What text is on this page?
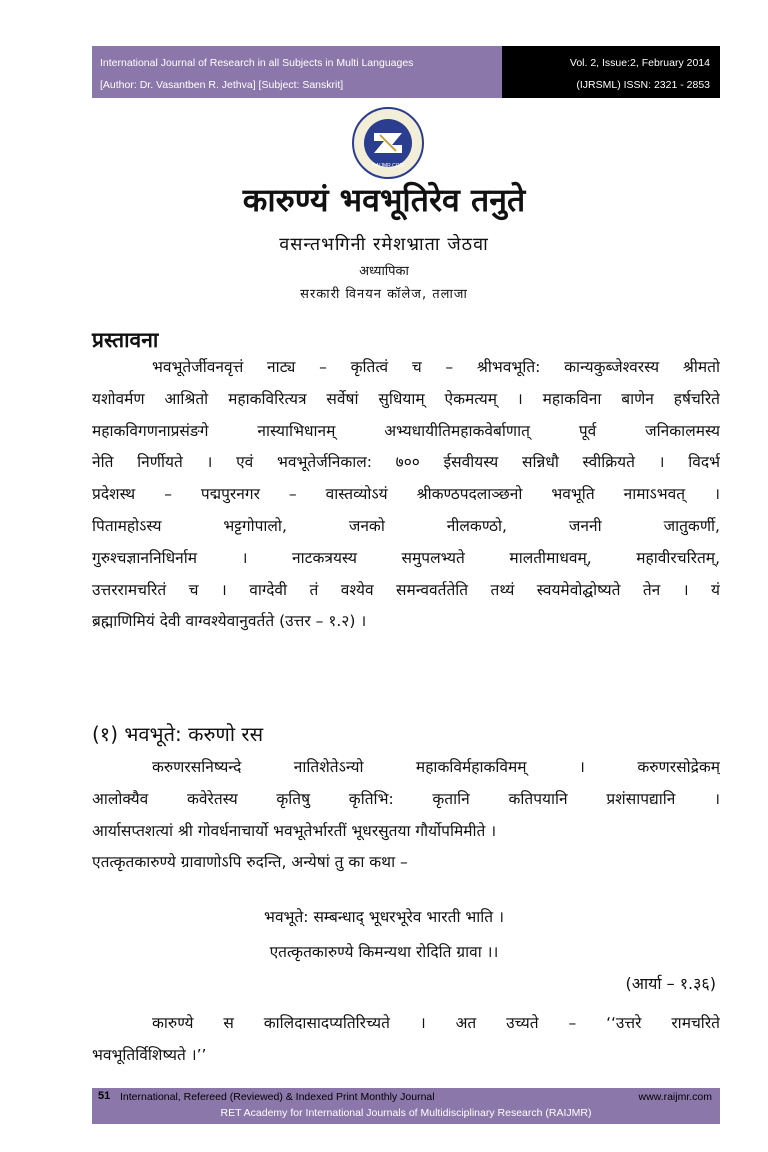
International Journal of Research in all Subjects in Multi Languages
[Author: Dr. Vasantben R. Jethva] [Subject: Sanskrit]
Vol. 2, Issue:2, February 2014
(IJRSML) ISSN: 2321 - 2853
RAIJMR.COM
कारुण्यं भवभूतिरेव तनुते
वसन्तभगिनी रमेशभ्राता जेठवा
अध्यापिका
सरकारी विनयन कॉलेज, तलाजा
प्रस्तावना
भवभूतेर्जीवनवृत्तं नाट्य – कृतित्वं च – श्रीभवभूति: कान्यकुब्जेश्वरस्य श्रीमतो
यशोवर्मण आश्रितो महाकविरित्यत्र सर्वेषां सुधियाम् ऐकमत्यम् । महाकविना बाणेन हर्षचरिते
महाकविगणनाप्रसंङगे नास्याभिधानम् अभ्यधायीतिमहाकवेर्बाणात् पूर्व जनिकालमस्य
नेति निर्णीयते । एवं भवभूतेर्जनिकाल: ७०० ईसवीयस्य सन्निधौ स्वीक्रियते । विदर्भ
प्रदेशस्थ – पद्मपुरनगर – वास्तव्योऽयं श्रीकण्ठपदलाञ्छनो भवभूति नामाऽभवत् ।
पितामहोऽस्य भट्टगोपालो, जनको नीलकण्ठो, जननी जातुकर्णी,
गुरुश्चज्ञाननिधिर्नाम । नाटकत्रयस्य समुपलभ्यते मालतीमाधवम्, महावीरचरितम्,
उत्तररामचरितं च । वाग्देवी तं वश्येव समन्ववर्ततेति तथ्यं स्वयमेवोद्घोष्यते तेन । यं
ब्रह्माणिमियं देवी वाग्वश्येवानुवर्तते (उत्तर – १.२) ।
(१) भवभूते: करुणो रस
करुणरसनिष्यन्दे नातिशेतेऽन्यो महाकविर्महाकविमम् । करुणरसोद्रेकम्
आलोक्यैव कवेरेतस्य कृतिषु कृतिभि: कृतानि कतिपयानि प्रशंसापद्यानि ।
आर्यासप्तशत्यां श्री गोवर्धनाचार्यो भवभूतेर्भारतीं भूधरसुतया गौर्योपमिमीते ।
एतत्कृतकारुण्ये ग्रावाणोऽपि रुदन्ति, अन्येषां तु का कथा –
भवभूते: सम्बन्धाद् भूधरभूरेव भारती भाति ।
एतत्कृतकारुण्ये किमन्यथा रोदिति ग्रावा ।।
(आर्या – १.३६)
कारुण्ये स कालिदासादप्यतिरिच्यते । अत उच्यते – ‘‘उत्तरे रामचरिते
भवभूतिर्विशिष्यते ।’’
51 International, Refereed (Reviewed) & Indexed Print Monthly Journal	www.raijmr.com
RET Academy for International Journals of Multidisciplinary Research (RAIJMR)
